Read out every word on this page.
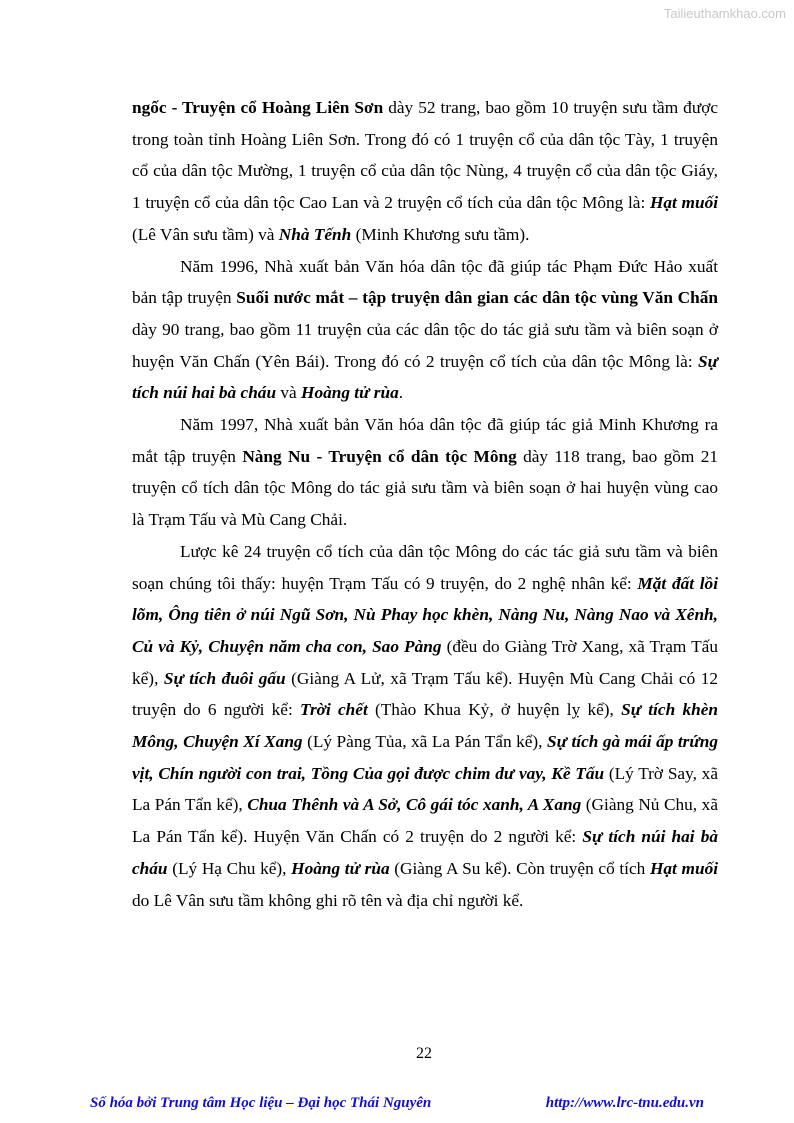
Tailieuthamkhao.com

ngốc - Truyện cổ Hoàng Liên Sơn dày 52 trang, bao gồm 10 truyện sưu tầm được trong toàn tỉnh Hoàng Liên Sơn. Trong đó có 1 truyện cổ của dân tộc Tày, 1 truyện cổ của dân tộc Mường, 1 truyện cổ của dân tộc Nùng, 4 truyện cổ của dân tộc Giáy, 1 truyện cổ của dân tộc Cao Lan và 2 truyện cổ tích của dân tộc Mông là: Hạt muối (Lê Vân sưu tầm) và Nhà Tếnh (Minh Khương sưu tầm).

Năm 1996, Nhà xuất bản Văn hóa dân tộc đã giúp tác Phạm Đức Hảo xuất bản tập truyện Suối nước mắt – tập truyện dân gian các dân tộc vùng Văn Chấn dày 90 trang, bao gồm 11 truyện của các dân tộc do tác giả sưu tầm và biên soạn ở huyện Văn Chấn (Yên Bái). Trong đó có 2 truyện cổ tích của dân tộc Mông là: Sự tích núi hai bà cháu và Hoàng tử rùa.

Năm 1997, Nhà xuất bản Văn hóa dân tộc đã giúp tác giả Minh Khương ra mắt tập truyện Nàng Nu - Truyện cổ dân tộc Mông dày 118 trang, bao gồm 21 truyện cổ tích dân tộc Mông do tác giả sưu tầm và biên soạn ở hai huyện vùng cao là Trạm Tấu và Mù Cang Chải.

Lược kê 24 truyện cổ tích của dân tộc Mông do các tác giả sưu tầm và biên soạn chúng tôi thấy: huyện Trạm Tấu có 9 truyện, do 2 nghệ nhân kể: Mặt đất lồi lõm, Ông tiên ở núi Ngũ Sơn, Nù Phay học khèn, Nàng Nu, Nàng Nao và Xênh, Củ và Kỷ, Chuyện năm cha con, Sao Pàng (đều do Giàng Trờ Xang, xã Trạm Tấu kể), Sự tích đuôi gấu (Giàng A Lử, xã Trạm Tấu kể). Huyện Mù Cang Chải có 12 truyện do 6 người kể: Trời chết (Thào Khua Kỷ, ở huyện lỵ kể), Sự tích khèn Mông, Chuyện Xí Xang (Lý Pàng Tủa, xã La Pán Tẩn kể), Sự tích gà mái ấp trứng vịt, Chín người con trai, Tồng Của gọi được chim dư vay, Kề Tấu (Lý Trờ Say, xã La Pán Tẩn kể), Chua Thênh và A Sở, Cô gái tóc xanh, A Xang (Giàng Nủ Chu, xã La Pán Tẩn kể). Huyện Văn Chấn có 2 truyện do 2 người kể: Sự tích núi hai bà cháu (Lý Hạ Chu kể), Hoàng tử rùa (Giàng A Su kể). Còn truyện cổ tích Hạt muối do Lê Vân sưu tầm không ghi rõ tên và địa chỉ người kể.

22
Số hóa bởi Trung tâm Học liệu – Đại học Thái Nguyên	http://www.lrc-tnu.edu.vn
